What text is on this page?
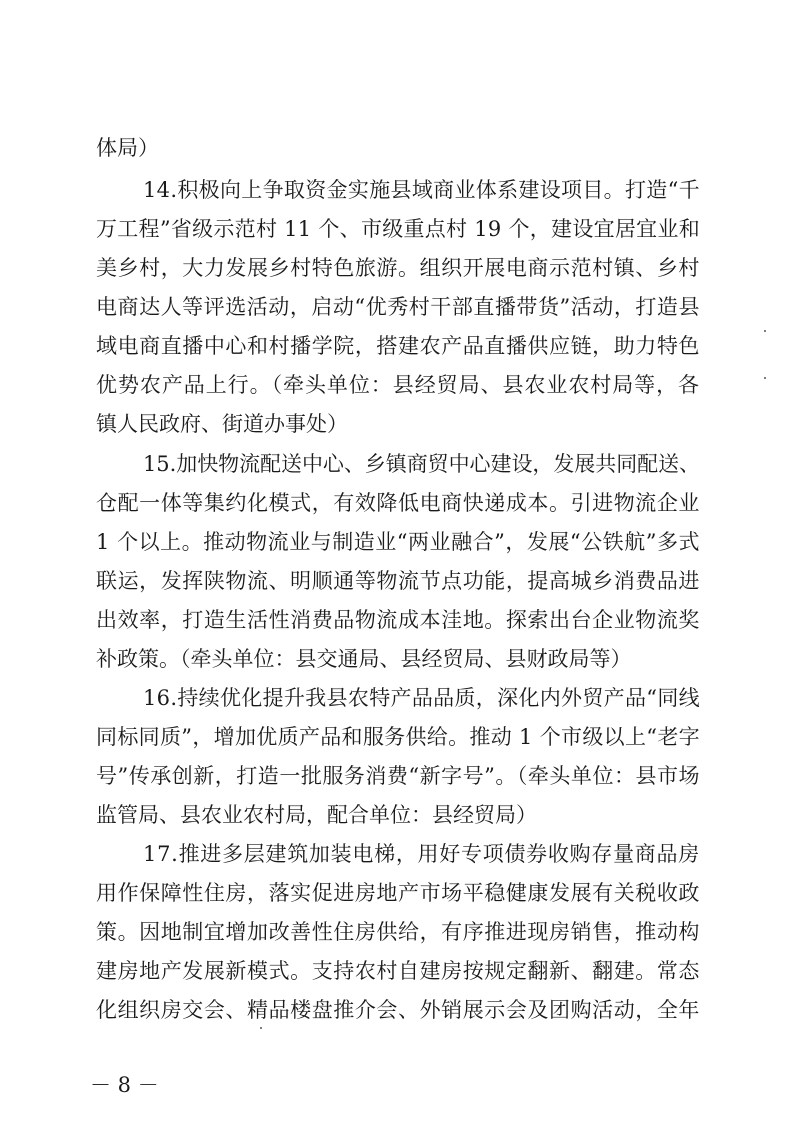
体局）
14.积极向上争取资金实施县域商业体系建设项目。打造“千
万工程”省级示范村 11 个、市级重点村 19 个，建设宜居宜业和
美乡村，大力发展乡村特色旅游。组织开展电商示范村镇、乡村
电商达人等评选活动，启动“优秀村干部直播带货”活动，打造县
域电商直播中心和村播学院，搭建农产品直播供应链，助力特色
优势农产品上行。（牵头单位：县经贸局、县农业农村局等，各
镇人民政府、街道办事处）
15.加快物流配送中心、乡镇商贸中心建设，发展共同配送、
仓配一体等集约化模式，有效降低电商快递成本。引进物流企业
1 个以上。推动物流业与制造业“两业融合”，发展“公铁航”多式
联运，发挥陕物流、明顺通等物流节点功能，提高城乡消费品进
出效率，打造生活性消费品物流成本洼地。探索出台企业物流奖
补政策。（牵头单位：县交通局、县经贸局、县财政局等）
16.持续优化提升我县农特产品品质，深化内外贸产品“同线
同标同质”，增加优质产品和服务供给。推动 1 个市级以上“老字
号”传承创新，打造一批服务消费“新字号”。（牵头单位：县市场
监管局、县农业农村局，配合单位：县经贸局）
17.推进多层建筑加装电梯，用好专项债券收购存量商品房
用作保障性住房，落实促进房地产市场平稳健康发展有关税收政
策。因地制宜增加改善性住房供给，有序推进现房销售，推动构
建房地产发展新模式。支持农村自建房按规定翻新、翻建。常态
化组织房交会、精品楼盘推介会、外销展示会及团购活动，全年
－ 8 －
